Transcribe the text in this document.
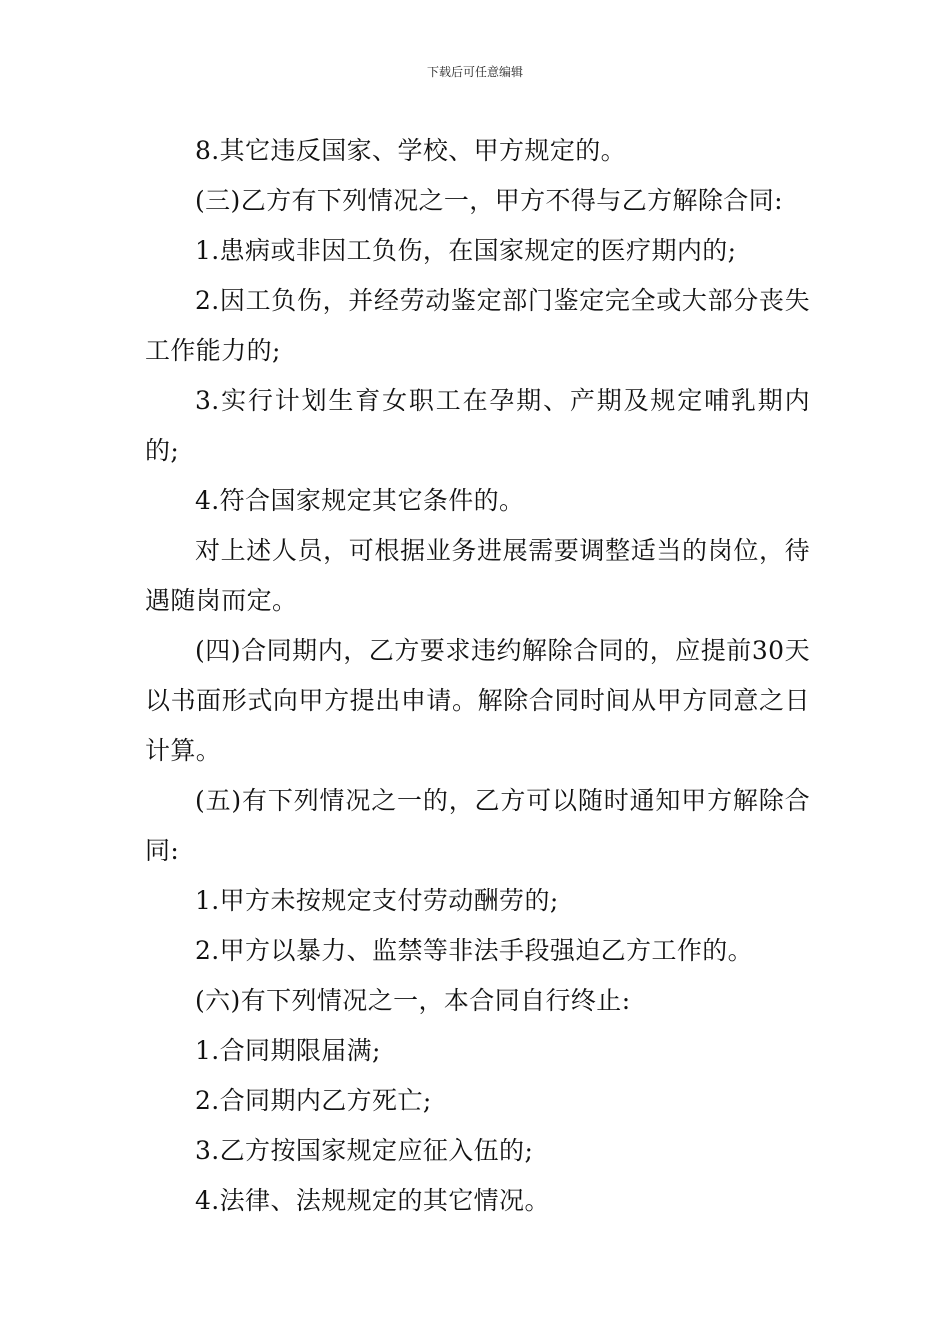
下载后可任意编辑

8.其它违反国家、学校、甲方规定的。

(三)乙方有下列情况之一，甲方不得与乙方解除合同:

1.患病或非因工负伤，在国家规定的医疗期内的;

2.因工负伤，并经劳动鉴定部门鉴定完全或大部分丧失工作能力的;

3.实行计划生育女职工在孕期、产期及规定哺乳期内的;

4.符合国家规定其它条件的。

对上述人员，可根据业务进展需要调整适当的岗位，待遇随岗而定。

(四)合同期内，乙方要求违约解除合同的，应提前30天以书面形式向甲方提出申请。解除合同时间从甲方同意之日计算。

(五)有下列情况之一的，乙方可以随时通知甲方解除合同:

1.甲方未按规定支付劳动酬劳的;

2.甲方以暴力、监禁等非法手段强迫乙方工作的。

(六)有下列情况之一，本合同自行终止:

1.合同期限届满;

2.合同期内乙方死亡;

3.乙方按国家规定应征入伍的;

4.法律、法规规定的其它情况。
